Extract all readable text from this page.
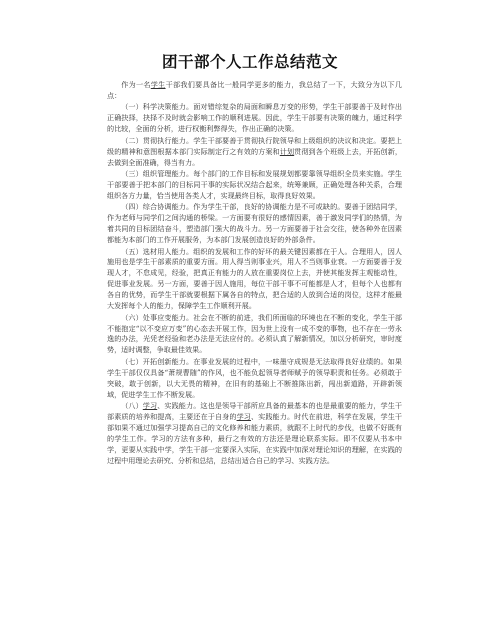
团干部个人工作总结范文

作为一名学生干部我们要具备比一般同学更多的能力，我总结了一下，大致分为以下几点：

（一）科学决策能力。面对错综复杂的局面和瞬息万变的形势，学生干部要善于及时作出正确抉择，抉择不及时就会影响工作的顺利进展。因此，学生干部要有决策的魄力，通过科学的比较，全面的分析，进行权衡利弊得失，作出正确的决策。

（二）贯彻执行能力。学生干部要善于贯彻执行院领导和上级组织的决议和决定。要把上级的精神和意图根据本部门实际制定行之有效的方案和计划贯彻到各个班级上去，开拓创新，去做到全面准确，得当有力。

（三）组织管理能力。每个部门的工作目标和发展规划都要靠领导组织全员来实施。学生干部要善于把本部门的目标同干事的实际状况结合起来，统筹兼顾，正确处理各种关系，合理组织各方力量，恰当使用各类人才，实现最终目标，取得良好效果。

（四）综合协调能力。作为学生干部，良好的协调能力是不可或缺的。要善于团结同学，作为老师与同学们之间沟通的桥梁。一方面要有很好的感情因素，善于激发同学们的热情，为着共同的目标团结奋斗，塑造部门强大的战斗力。另一方面要善于社会交往，使各种外在因素都能为本部门的工作开展服务，为本部门发展创造良好的外部条件。

（五）选材用人能力。组织的发展和工作的好坏的最关键因素都在于人。合理用人，因人施用也是学生干部素质的重要方面。用人得当则事业兴，用人不当则事业衰。一方面要善于发现人才，不怠成见，经验，把真正有能力的人放在重要岗位上去，并使其能发挥主观能动性，促进事业发展。另一方面，要善于因人施用，每位干部干事不可能都是人才，但每个人也都有各自的优势，而学生干部就要根据下属各自的特点，把合适的人放到合适的岗位，这样才能最大发挥每个人的能力，保障学生工作顺利开展。

（六）处事应变能力。社会在不断的前进，我们所面临的环境也在不断的变化，学生干部不能抱定“以不变应万变”的心态去开展工作，因为世上没有一成不变的事物，也不存在一劳永逸的办法，光凭老经验和老办法是无法应付的。必须认真了解新情况，加以分析研究，审时度势，适时调整，争取最佳效果。

（七）开拓创新能力。在事业发展的过程中，一味墨守成规是无法取得良好业绩的。如果学生干部仅仅具备“萧规曹随”的作风，也不能负起领导者师赋予的领导职责和任务。必须敢于突破，敢于创新，以大无畏的精神，在旧有的基础上不断推陈出新，闯出新道路，开辟新领域，促进学生工作不断发展。

（八）学习、实践能力。这也是领导干部所应具备的最基本的也是最重要的能力，学生干部素质的培养和提高，主要还在于自身的学习、实践能力。时代在前进，科学在发展，学生干部如果不通过加强学习提高自己的文化修养和能力素质，就跟不上时代的步伐，也做不好既有的学生工作。学习的方法有多种，最行之有效的方法还是理论联系实际。即不仅要从书本中学，更要从实践中学，学生干部一定要深入实际，在实践中加深对理论知识的理解，在实践的过程中用理论去研究、分析和总结，总结出适合自己的学习、实践方法。
